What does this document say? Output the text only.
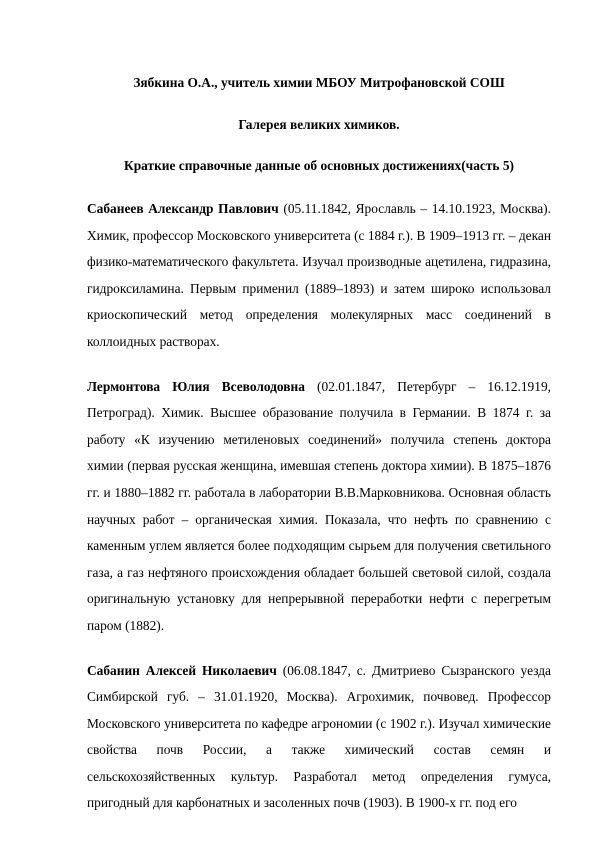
Зябкина О.А., учитель химии МБОУ Митрофановской СОШ

Галерея великих химиков.

Краткие справочные данные об основных достижениях(часть 5)

Сабанеев Александр Павлович (05.11.1842, Ярославль – 14.10.1923, Москва). Химик, профессор Московского университета (с 1884 г.). В 1909–1913 гг. – декан физико-математического факультета. Изучал производные ацетилена, гидразина, гидроксиламина. Первым применил (1889–1893) и затем широко использовал криоскопический метод определения молекулярных масс соединений в коллоидных растворах.

Лермонтова Юлия Всеволодовна (02.01.1847, Петербург – 16.12.1919, Петроград). Химик. Высшее образование получила в Германии. В 1874 г. за работу «К изучению метиленовых соединений» получила степень доктора химии (первая русская женщина, имевшая степень доктора химии). В 1875–1876 гг. и 1880–1882 гг. работала в лаборатории В.В.Марковникова. Основная область научных работ – органическая химия. Показала, что нефть по сравнению с каменным углем является более подходящим сырьем для получения светильного газа, а газ нефтяного происхождения обладает большей световой силой, создала оригинальную установку для непрерывной переработки нефти с перегретым паром (1882).

Сабанин Алексей Николаевич (06.08.1847, с. Дмитриево Сызранского уезда Симбирской губ. – 31.01.1920, Москва). Агрохимик, почвовед. Профессор Московского университета по кафедре агрономии (с 1902 г.). Изучал химические свойства почв России, а также химический состав семян и сельскохозяйственных культур. Разработал метод определения гумуса, пригодный для карбонатных и засоленных почв (1903). В 1900-х гг. под его
